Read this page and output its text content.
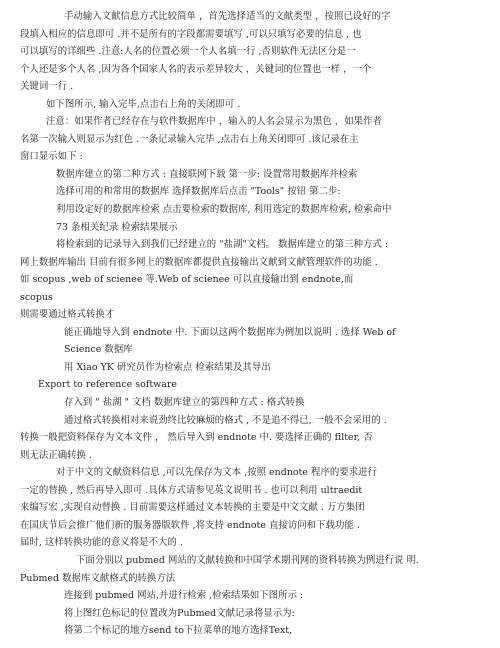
手动输入文献信息方式比较简单 ，首先选择适当的文献类型 ，按照已设好的字
段填入相应的信息即可 .并不是所有的字段都需要填写 ,可以只填写必要的信息 , 也
可以填写的详细些 .注意:人名的位置必须一个人名填一行 ,否则软件无法区分是一
个人还是多个人名 ,因为各个国家人名的表示差异较大 ，关键词的位置也一样 ，一个
关键词一行 .
如下图所示, 输入完毕,点击右上角的关闭即可 .
注意：如果作者已经存在与软件数据库中 ，输入的人名会显示为黑色 ，如果作者
名第一次输入则显示为红色 .一条记录输入完毕 ,点击右上角关闭即可 .该记录在主
窗口显示如下 :
数据库建立的第二种方式 : 直接联网下载 第一步: 设置常用数据库并检索
选择可用的和常用的数据库 选择数据库后点击 "Tools" 按钮 第二步:
利用设定好的数据库检索 点击要检索的数据库, 利用选定的数据库检索, 检索命中
73 条相关纪录 检索结果展示
将检索到的记录导入到我们已经建立的 "盐湖"文档。 数据库建立的第三种方式 :
网上数据库输出 目前有很多网上的数据库都提供直接输出文献到文献管理软件的功能 .
如 scopus ,web of scienee 等.Web of scienee 可以直接输出到 endnote,而
scopus
则需要通过格式转换才
能正确地导入到 endnote 中. 下面以这两个数据库为例加以说明 . 选择 Web of
Science 数据库
用 Xiao YK 研究员作为检索点 检索结果及其导出
Export to reference software
存入到 " 盐湖 " 文档 数据库建立的第四种方式 : 格式转换
通过格式转换相对来说劲终比较麻烦的格式 , 不是追不得已, 一般不会采用的 .
转换一般把资料保存为文本文件 ， 然后导入到 endnote 中. 要选择正确的 filter, 否
则无法正确转换 .
对于中文的文献资料信息 ,可以先保存为文本 ,按照 endnote 程序的要求进行
一定的替换 , 然后再导入即可 .具体方式请参见英文说明书 . 也可以利用 ultraedit
来编写宏 ,实现自动替换 . 目前需要这样通过文本转换的主要是中文文献 . 万方集团
在国庆节后会推广他们新的服务器版软件 ,将支持 endnote 直接访问和下载功能 .
届时, 这样转换功能的意义将是不大的 .
下面分别以 pubmed 网站的文献转换和中国学术期刊网的资料转换为例进行说 明.
Pubmed 数据库文献格式的转换方法
连接到 pubmed 网站,并进行检索 ,检索结果如下图所示 :
将上图红色标记的位置改为Pubmed文献记录将显示为:
将第二个标记的地方send to下拉菜单的地方选择Text,
